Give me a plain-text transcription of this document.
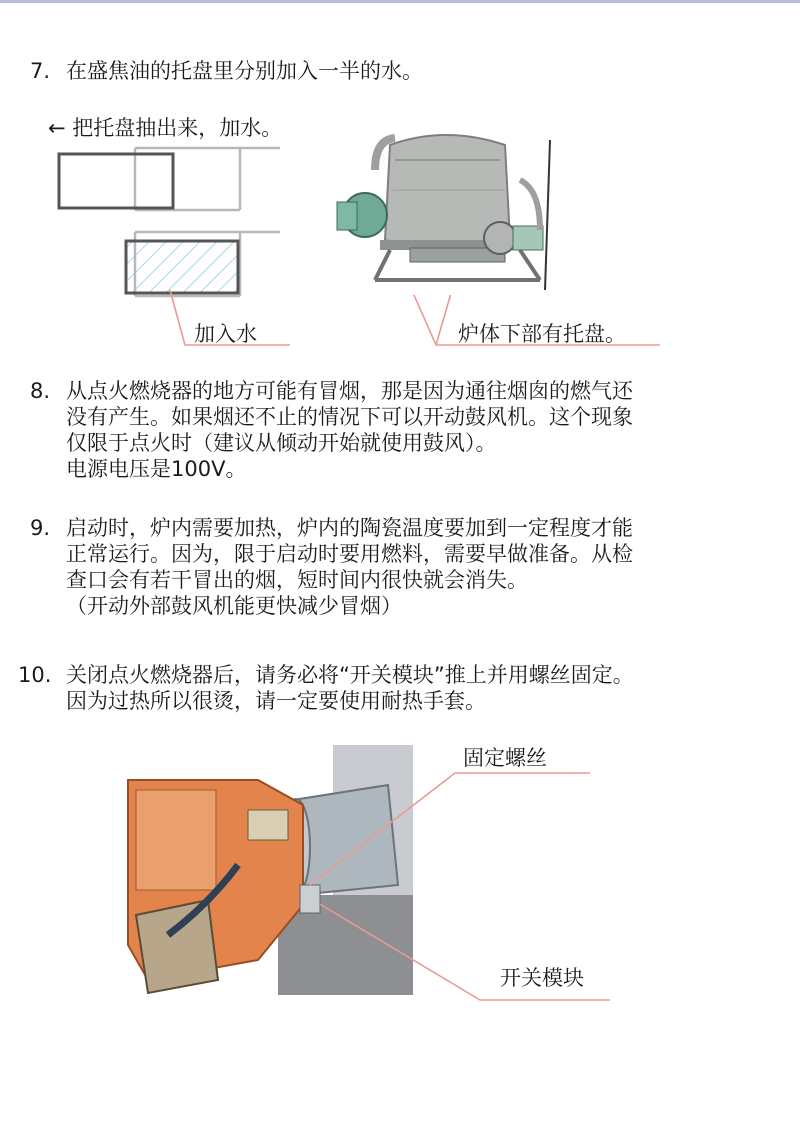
7. 在盛焦油的托盘里分别加入一半的水。
← 把托盘抽出来，加水。
加入水	炉体下部有托盘。
8. 从点火燃烧器的地方可能有冒烟，那是因为通往烟囱的燃气还
没有产生。如果烟还不止的情况下可以开动鼓风机。这个现象
仅限于点火时（建议从倾动开始就使用鼓风）。
电源电压是100V。
9. 启动时，炉内需要加热，炉内的陶瓷温度要加到一定程度才能
正常运行。因为，限于启动时要用燃料，需要早做准备。从检
查口会有若干冒出的烟，短时间内很快就会消失。
（开动外部鼓风机能更快减少冒烟）
10. 关闭点火燃烧器后，请务必将“开关模块”推上并用螺丝固定。
因为过热所以很烫，请一定要使用耐热手套。
固定螺丝
开关模块
